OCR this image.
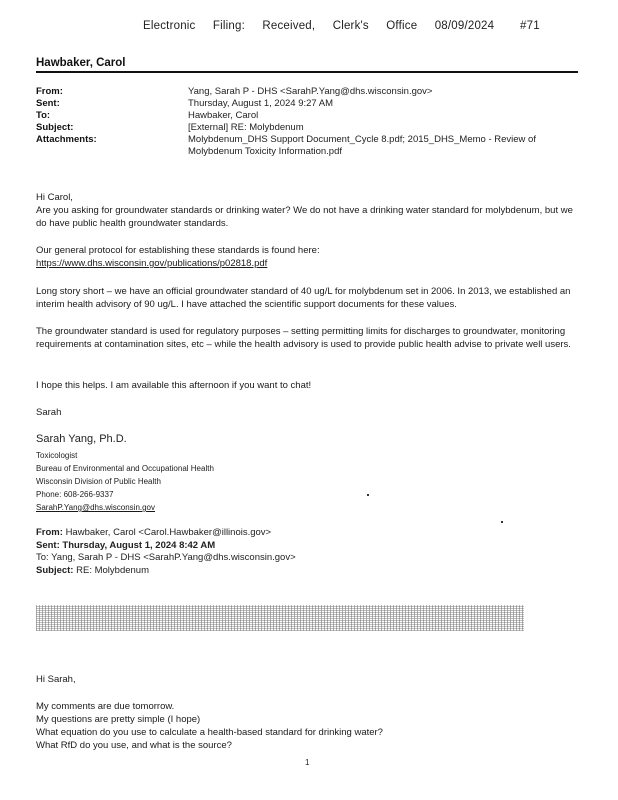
Electronic Filing: Received, Clerk's Office 08/09/2024 #71
Hawbaker, Carol
From:	Yang, Sarah P - DHS <SarahP.Yang@dhs.wisconsin.gov>
Sent:	Thursday, August 1, 2024 9:27 AM
To:	Hawbaker, Carol
Subject:	[External] RE: Molybdenum
Attachments:	Molybdenum_DHS Support Document_Cycle 8.pdf; 2015_DHS_Memo - Review of Molybdenum Toxicity Information.pdf
Hi Carol,
Are you asking for groundwater standards or drinking water? We do not have a drinking water standard for molybdenum, but we do have public health groundwater standards.
Our general protocol for establishing these standards is found here:
https://www.dhs.wisconsin.gov/publications/p02818.pdf
Long story short – we have an official groundwater standard of 40 ug/L for molybdenum set in 2006. In 2013, we established an interim health advisory of 90 ug/L. I have attached the scientific support documents for these values.
The groundwater standard is used for regulatory purposes – setting permitting limits for discharges to groundwater, monitoring requirements at contamination sites, etc – while the health advisory is used to provide public health advise to private well users.
I hope this helps. I am available this afternoon if you want to chat!
Sarah
Sarah Yang, Ph.D.
Toxicologist
Bureau of Environmental and Occupational Health
Wisconsin Division of Public Health
Phone: 608-266-9337
SarahP.Yang@dhs.wisconsin.gov
From: Hawbaker, Carol <Carol.Hawbaker@illinois.gov>
Sent: Thursday, August 1, 2024 8:42 AM
To: Yang, Sarah P - DHS <SarahP.Yang@dhs.wisconsin.gov>
Subject: RE: Molybdenum
Hi Sarah,
My comments are due tomorrow.
My questions are pretty simple (I hope)
What equation do you use to calculate a health-based standard for drinking water?
What RfD do you use, and what is the source?
1
